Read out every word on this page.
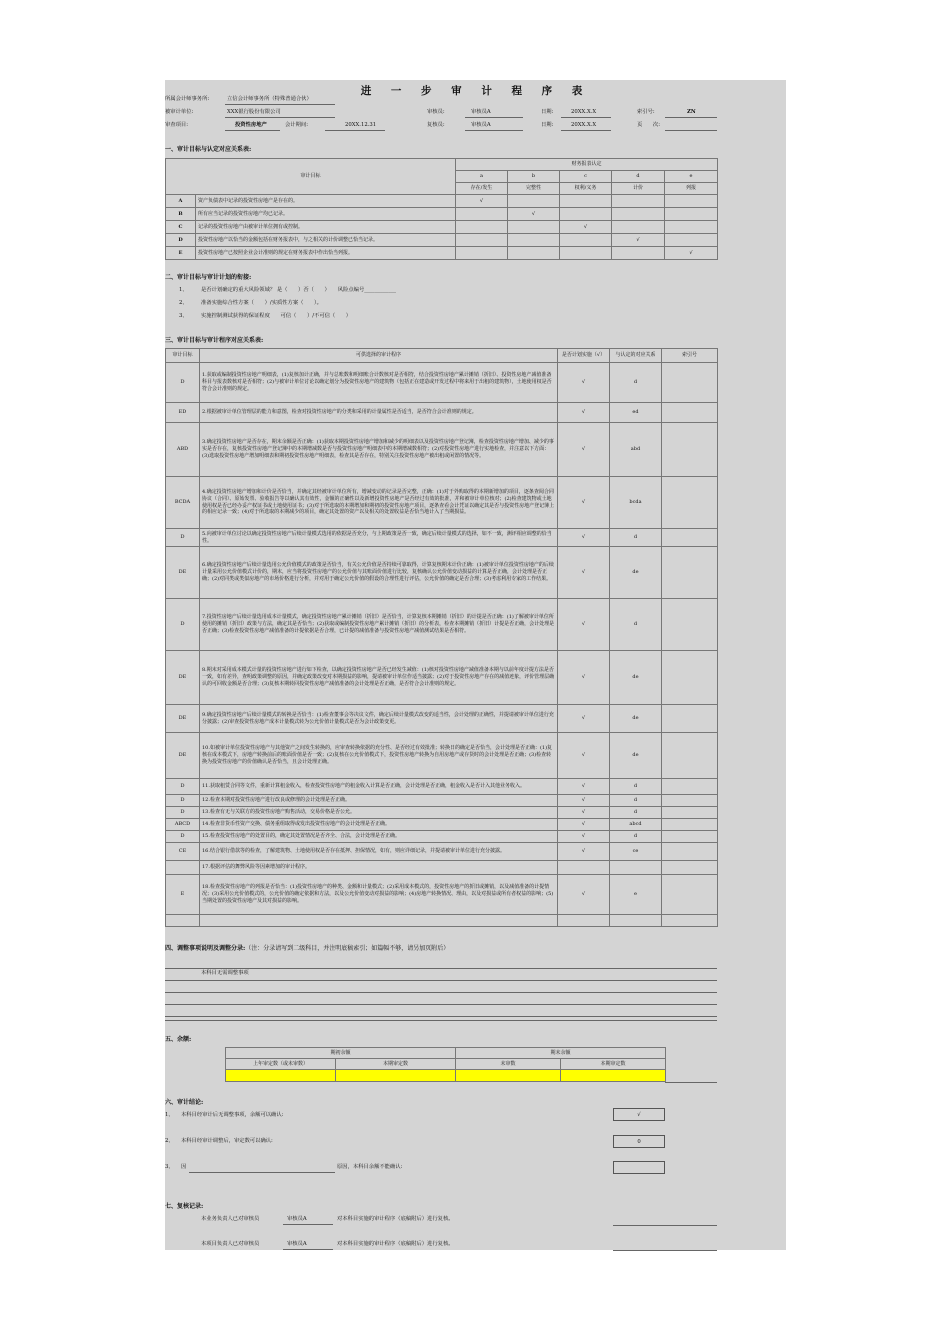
进 一 步 审 计 程 序 表
所属会计师事务所:	立信会计师事务所（特殊普通合伙）
被审计单位:	XXX银行股份有限公司	审核员:	审核员A	日期:	20XX.X.X	索引号:	ZN
审查项目:	投资性房地产	会计期间:	20XX.12.31	复核员:	审核员A	日期:	20XX.X.X	页　　次:
一、审计目标与认定对应关系表:
审计目标		财务报表认定				
		a	b	c	d	e
		存在/发生	完整性	权利/义务	计价	列报
A	资产负债表中记录的投资性房地产是存在的。	√				
B	所有应当记录的投资性房地产均已记录。		√			
C	记录的投资性房地产由被审计单位拥有或控制。			√		
D	投资性房地产以恰当的金额包括在财务报表中，与之相关的计价调整已恰当记录。				√	
E	投资性房地产已按照企业会计准则的规定在财务报表中作出恰当列报。					√
二、审计目标与审计计划的衔接:
1、	是否计划确定的重大风险领域？ 是（　　）否（　　）　　风险点编号____________
2、	准备实施综合性方案（　　）/实质性方案（　　）。
3、	实施控制测试获得的保证程度　　可信（　　）/不可信（　　）
三、审计目标与审计程序对应关系表:
审计目标	可供选择的审计程序	是否计划实施（√）	与认定的对应关系	索引号
D	1.获取或编制投资性房地产明细表，(1)复核加计正确，并与总账数和明细账合计数核对是否相符，结合投资性房地产累计摊销（折旧）、投资性房地产减值准备科目与报表数核对是否相符；(2)与被审计单位讨论以确定划分为投资性房地产的建筑物（包括正在建造或开发过程中将来用于出租的建筑物），土地使用权是否符合会计准则的规定。	√	d	
ED	2.根据被审计单位管理层的能力和意图，检查对投资性房地产的分类和采用的计量属性是否适当，是否符合会计准则的规定。	√	ed	
ABD	3.确定投资性房地产是否存在，期末余额是否正确：(1)获取本期投资性房地产增加和减少的明细表以及投资性房地产登记簿，检查投资性房地产增加、减少的事实是否存在，复核投资性房地产登记簿中的本期增减数是否与投资性房地产明细表中的本期增减数相符；(2)对投资性房地产进行实地检查，并注意以下方面：(3)选取投资性房地产增加明细表和期初投资性房地产明细表，检查其是否存在，特别关注投资性房地产被出租或闲置的情况等。	√	abd	
BCDA	4.确定投资性房地产增加和计价是否恰当，并确定其经被审计单位所有，增减变动的记录是否完整，正确：(1)对于外购取得的本期新增加的项目，逐条查阅合同协议（合同）、原始发票、验收报告等以确认其有效性，金额的正确性以及新增投资性房地产是否经过有效的批准，并和被审计单位核对；(2)检查建筑物或土地使用权是否已经办妥产权证书或土地使用证书；(3)对于所选取的本期增加和期初的投资性房地产项目，逐条查看会计凭证以确定其是否与投资性房地产登记簿上的相应记录一致；(4)对于所选取的本期减少的项目，确定其处置的资产以及相关的处置收益是否恰当地计入了当期损益。	√	bcda	
D	5.向被审计单位讨论以确定投资性房地产后续计量模式选用的依据是否充分，与上期政策是否一致，确定后续计量模式的选择，如不一致，测评相应调整的恰当性。	√	d	
DE	6.确定投资性房地产后续计量选用公允价值模式的政策是否恰当，有关公允价值是否持续可靠取得，计算复核期末计价正确：(1)被审计单位投资性房地产的后续计量采用公允价值模式计价的，期末，应当将投资性房地产的公允价值与其账面价值进行比较，复核确认公允价值变动损益的计算是否正确，会计处理是否正确；(2)对同类或类似房地产的市场价格进行分析，并对用于确定公允价值的假设的合理性进行评估，公允价值的确定是否合理；(3)考虑利用专家的工作结果。	√	de	
D	7.投资性房地产后续计量选用成本计量模式，确定投资性房地产累计摊销（折旧）是否恰当，计算复核本期摊销（折旧）的计提是否正确：(1)了解被审计单位所使用的摊销（折旧）政策与方法，确定其是否恰当；(2)获取或编制投资性房地产累计摊销（折旧）的分析表，检查本期摊销（折旧）计提是否正确，会计处理是否正确；(3)检查投资性房地产减值准备的计提依据是否合理，已计提的减值准备与投资性房地产减值测试结果是否相符。	√	d	
DE	8.期末对采用成本模式计量的投资性房地产进行如下检查，以确定投资性房地产是否已经发生减值：(1)核对投资性房地产减值准备本期与以前年度计提方法是否一致，如有差异，查明政策调整的原因，并确定政策改变对本期损益的影响，提请被审计单位作适当披露；(2)对于投资性房地产存在的减值迹象，评价管理层确认的可回收金额是否合理；(3)复核本期转回投资性房地产减值准备的会计处理是否正确，是否符合会计准则的规定。	√	de	
DE	9.确定投资性房地产后续计量模式的转换是否恰当：(1)检查董事会等决议文件，确定后续计量模式改变的适当性，会计处理的正确性，并提请被审计单位进行充分披露；(2)审查投资性房地产成本计量模式转为公允价值计量模式是否为会计政策变更。	√	de	
DE	10.如被审计单位投资性房地产与其他资产之间发生转换的，应审查转换依据的充分性、是否经过有效批准；转换日的确定是否恰当，会计处理是否正确：(1)复核在成本模式下，房地产转换前后的账面价值是否一致；(2)复核在公允价值模式下，投资性房地产转换为自用房地产或存货时的会计处理是否正确；(3)检查转换为投资性房地产的价值确认是否恰当，且会计处理正确。	√	de	
D	11.获取租赁合同等文件，重新计算租金收入，检查投资性房地产的租金收入计算是否正确，会计处理是否正确，租金收入是否计入其他业务收入。	√	d	
D	12.检查本期对投资性房地产进行改良或修理的会计处理是否正确。	√	d	
D	13.检查有无与关联方的投资性房地产购售活动，交易价格是否公允。	√	d	
ABCD	14.检查非货币性资产交换、债务重组取得或发出投资性房地产的会计处理是否正确。	√	abcd	
D	15.检查投资性房地产的处置目的，确定其处置情况是否齐全、合法，会计处理是否正确。	√	d	
CE	16.结合银行借款等的检查，了解建筑物、土地使用权是否存在抵押、担保情况，如有，则应详细记录，并提请被审计单位进行充分披露。	√	ce	
	17.根据评估的舞弊风险等因素增加的审计程序。			
E	18.检查投资性房地产的列报是否恰当：(1)投资性房地产的种类、金额和计量模式；(2)采用成本模式的，投资性房地产的折旧或摊销，以及减值准备的计提情况；(3)采用公允价值模式的，公允价值的确定依据和方法，以及公允价值变动对损益的影响；(4)房地产转换情况、理由，以及对损益或所有者权益的影响；(5)当期处置的投资性房地产及其对损益的影响。	√	e	

四、调整事项说明及调整分录:（注：分录请写到二级科目，并注明底稿索引；如篇幅不够，请另加页附后）
本科目无需调整事项
五、余额:
期初余额		期末余额	
上年审定数（或未审数）	本期审定数	未审数	本期审定数

六、审计结论:
1、 本科目经审计后无调整事项，余额可以确认:	√
2、 本科目经审计调整后，审定数可以确认:	0
3、 因	原因，本科目余额不能确认:
七、复核记录:
本业务负责人已对审核员	审核员A	对本科目实施的审计程序（底稿附后）进行复核。
本项目负责人已对审核员	审核员A	对本科目实施的审计程序（底稿附后）进行复核。
